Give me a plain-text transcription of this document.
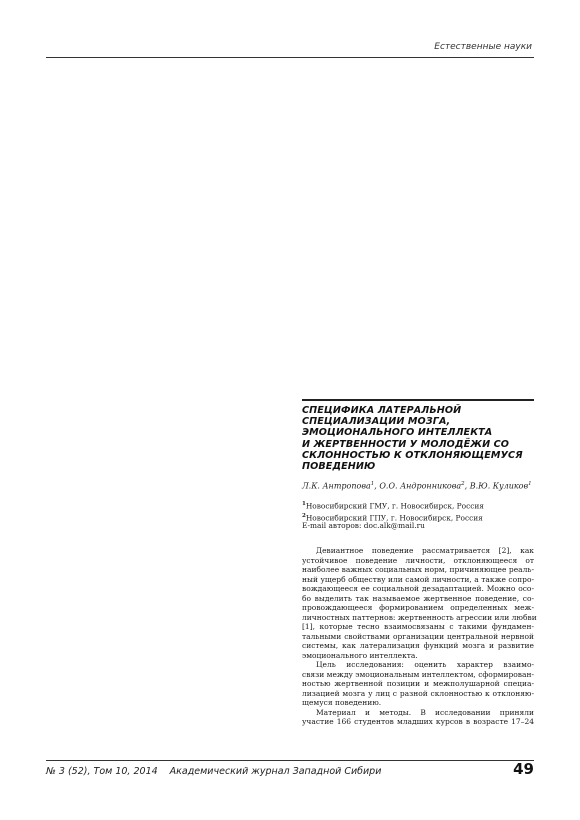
Естественные науки
СПЕЦИФИКА ЛАТЕРАЛЬНОЙ
СПЕЦИАЛИЗАЦИИ МОЗГА,
ЭМОЦИОНАЛЬНОГО ИНТЕЛЛЕКТА
И ЖЕРТВЕННОСТИ У МОЛОДЁЖИ СО
СКЛОННОСТЬЮ К ОТКЛОНЯЮЩЕМУСЯ
ПОВЕДЕНИЮ
Л.К. Антропова$^1$, О.О. Андронникова$^2$, В.Ю. Куликов$^1$
$^1$Новосибирский ГМУ, г. Новосибирск, Россия
$^2$Новосибирский ГПУ, г. Новосибирск, Россия
E-mail авторов: doc.alk@mail.ru
Девиантное поведение рассматривается [2], как
устойчивое поведение личности, отклоняющееся от
наиболее важных социальных норм, причиняющее реаль-
ный ущерб обществу или самой личности, а также сопро-
вождающееся ее социальной дезадаптацией. Можно осо-
бо выделить так называемое жертвенное поведение, со-
провождающееся формированием определенных меж-
личностных паттернов: жертвенность агрессии или любви
[1], которые тесно взаимосвязаны с такими фундамен-
тальными свойствами организации центральной нервной
системы, как латерализация функций мозга и развитие
эмоционального интеллекта.
Цель исследования: оценить характер взаимо-
связи между эмоциональным интеллектом, сформирован-
ностью жертвенной позиции и межполушарной специа-
лизацией мозга у лиц с разной склонностью к отклоняю-
щемуся поведению.
Материал и методы. В исследовании приняли
участие 166 студентов младших курсов в возрасте 17–24
№ 3 (52), Том 10, 2014 Академический журнал Западной Сибири	49
